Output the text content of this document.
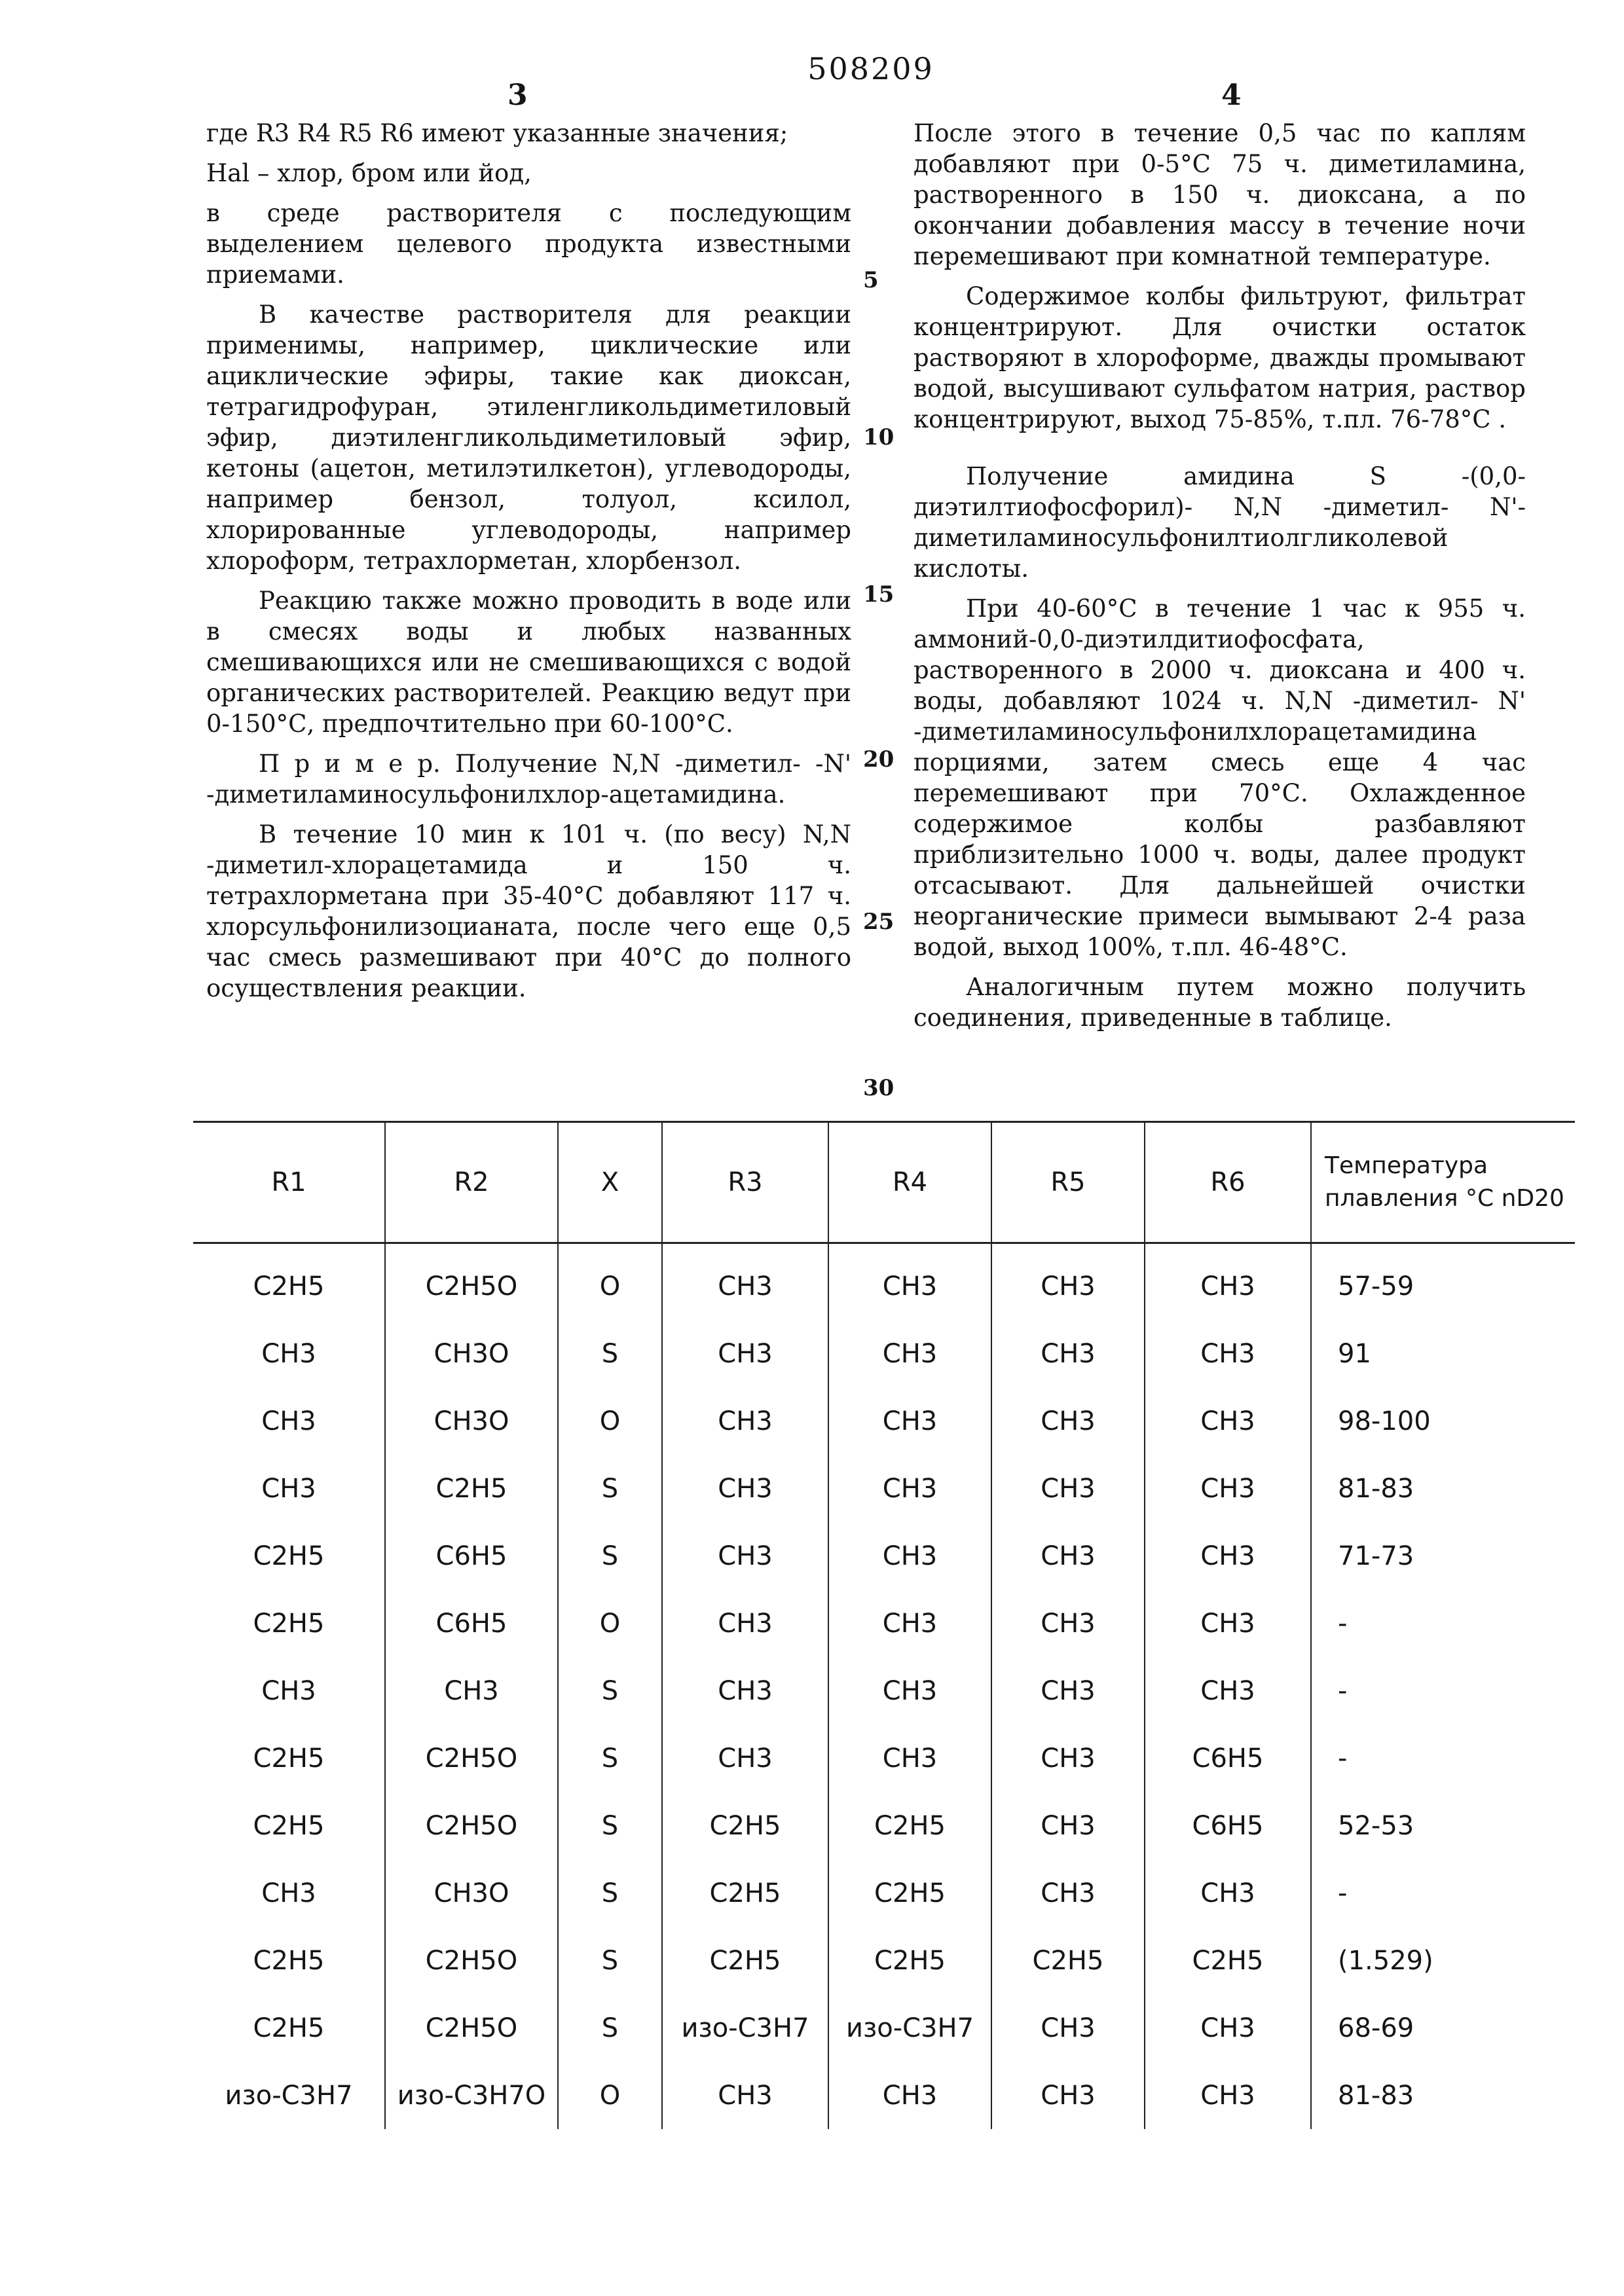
508209
3	4

где R3 R4 R5 R6 имеют указанные значения;

Hal – хлор, бром или йод,

в среде растворителя с последующим выделением целевого продукта известными приемами.

В качестве растворителя для реакции применимы, например, циклические или ациклические эфиры, такие как диоксан, тетрагидрофуран, этиленгликольдиметиловый эфир, диэтиленгликольдиметиловый эфир, кетоны (ацетон, метилэтилкетон), углеводороды, например бензол, толуол, ксилол, хлорированные углеводороды, например хлороформ, тетрахлорметан, хлорбензол.

Реакцию также можно проводить в воде или в смесях воды и любых названных смешивающихся или не смешивающихся с водой органических растворителей. Реакцию ведут при 0-150°С, предпочтительно при 60-100°С.

П р и м е р. Получение N,N -диметил- -N' -диметиламиносульфонилхлор-ацетамидина.

В течение 10 мин к 101 ч. (по весу) N,N -диметил-хлорацетамида и 150 ч. тетрахлорметана при 35-40°С добавляют 117 ч. хлорсульфонилизоцианата, после чего еще 0,5 час смесь размешивают при 40°С до полного осуществления реакции.

5
10
15
20
25
30

После этого в течение 0,5 час по каплям добавляют при 0-5°С 75 ч. диметиламина, растворенного в 150 ч. диоксана, а по окончании добавления массу в течение ночи перемешивают при комнатной температуре.

Содержимое колбы фильтруют, фильтрат концентрируют. Для очистки остаток растворяют в хлороформе, дважды промывают водой, высушивают сульфатом натрия, раствор концентрируют, выход 75-85%, т.пл. 76-78°С .

Получение амидина S -(0,0-диэтилтиофосфорил)- N,N -диметил- N'-диметиламиносульфонилтиолгликолевой кислоты.

При 40-60°С в течение 1 час к 955 ч. аммоний-0,0-диэтилдитиофосфата, растворенного в 2000 ч. диоксана и 400 ч. воды, добавляют 1024 ч. N,N -диметил- N' -диметиламиносульфонилхлорацетамидина порциями, затем смесь еще 4 час перемешивают при 70°С. Охлажденное содержимое колбы разбавляют приблизительно 1000 ч. воды, далее продукт отсасывают. Для дальнейшей очистки неорганические примеси вымывают 2-4 раза водой, выход 100%, т.пл. 46-48°С.

Аналогичным путем можно получить соединения, приведенные в таблице.

R1	R2	X	R3	R4	R5	R6	Температура плавления °С nD20
C2H5	C2H5O	O	CH3	CH3	CH3	CH3	57-59
CH3	CH3O	S	CH3	CH3	CH3	CH3	91
CH3	CH3O	O	CH3	CH3	CH3	CH3	98-100
CH3	C2H5	S	CH3	CH3	CH3	CH3	81-83
C2H5	C6H5	S	CH3	CH3	CH3	CH3	71-73
C2H5	C6H5	O	CH3	CH3	CH3	CH3	-
CH3	CH3	S	CH3	CH3	CH3	CH3	-
C2H5	C2H5O	S	CH3	CH3	CH3	C6H5	-
C2H5	C2H5O	S	C2H5	C2H5	CH3	C6H5	52-53
CH3	CH3O	S	C2H5	C2H5	CH3	CH3	-
C2H5	C2H5O	S	C2H5	C2H5	C2H5	C2H5	(1.529)
C2H5	C2H5O	S	изо-C3H7	изо-C3H7	CH3	CH3	68-69
изо-C3H7	изо-C3H7O	O	CH3	CH3	CH3	CH3	81-83
